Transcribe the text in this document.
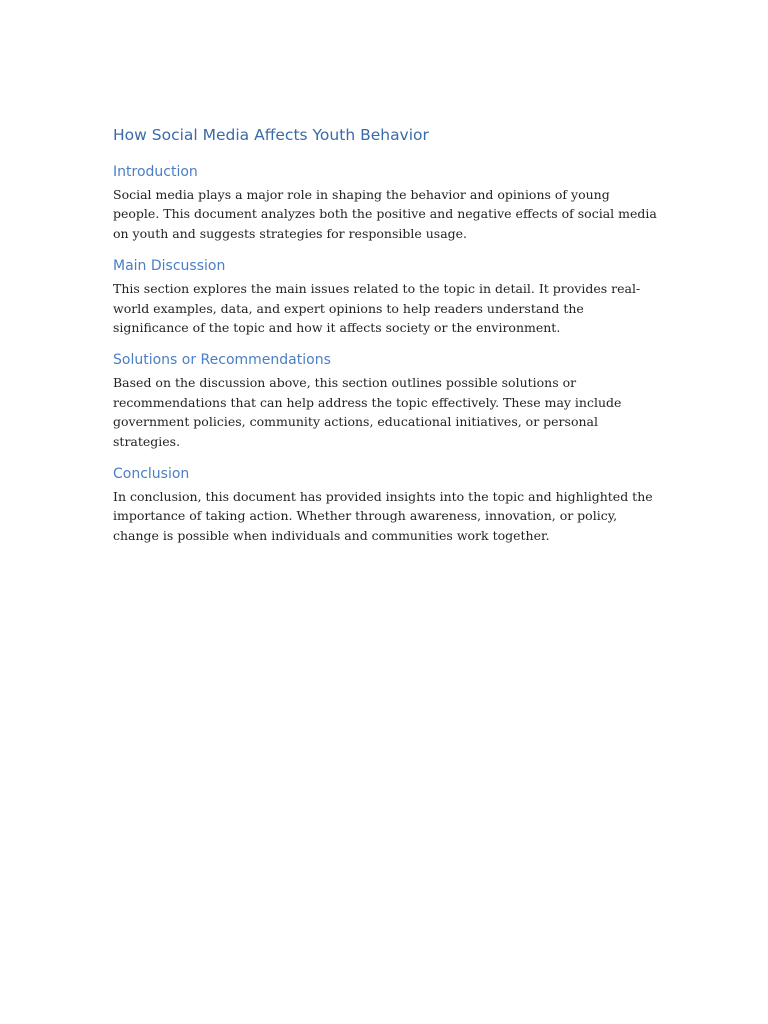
How Social Media Affects Youth Behavior
Introduction

Social media plays a major role in shaping the behavior and opinions of young people. This document analyzes both the positive and negative effects of social media on youth and suggests strategies for responsible usage.

Main Discussion

This section explores the main issues related to the topic in detail. It provides real-world examples, data, and expert opinions to help readers understand the significance of the topic and how it affects society or the environment.

Solutions or Recommendations

Based on the discussion above, this section outlines possible solutions or recommendations that can help address the topic effectively. These may include government policies, community actions, educational initiatives, or personal strategies.

Conclusion

In conclusion, this document has provided insights into the topic and highlighted the importance of taking action. Whether through awareness, innovation, or policy, change is possible when individuals and communities work together.
